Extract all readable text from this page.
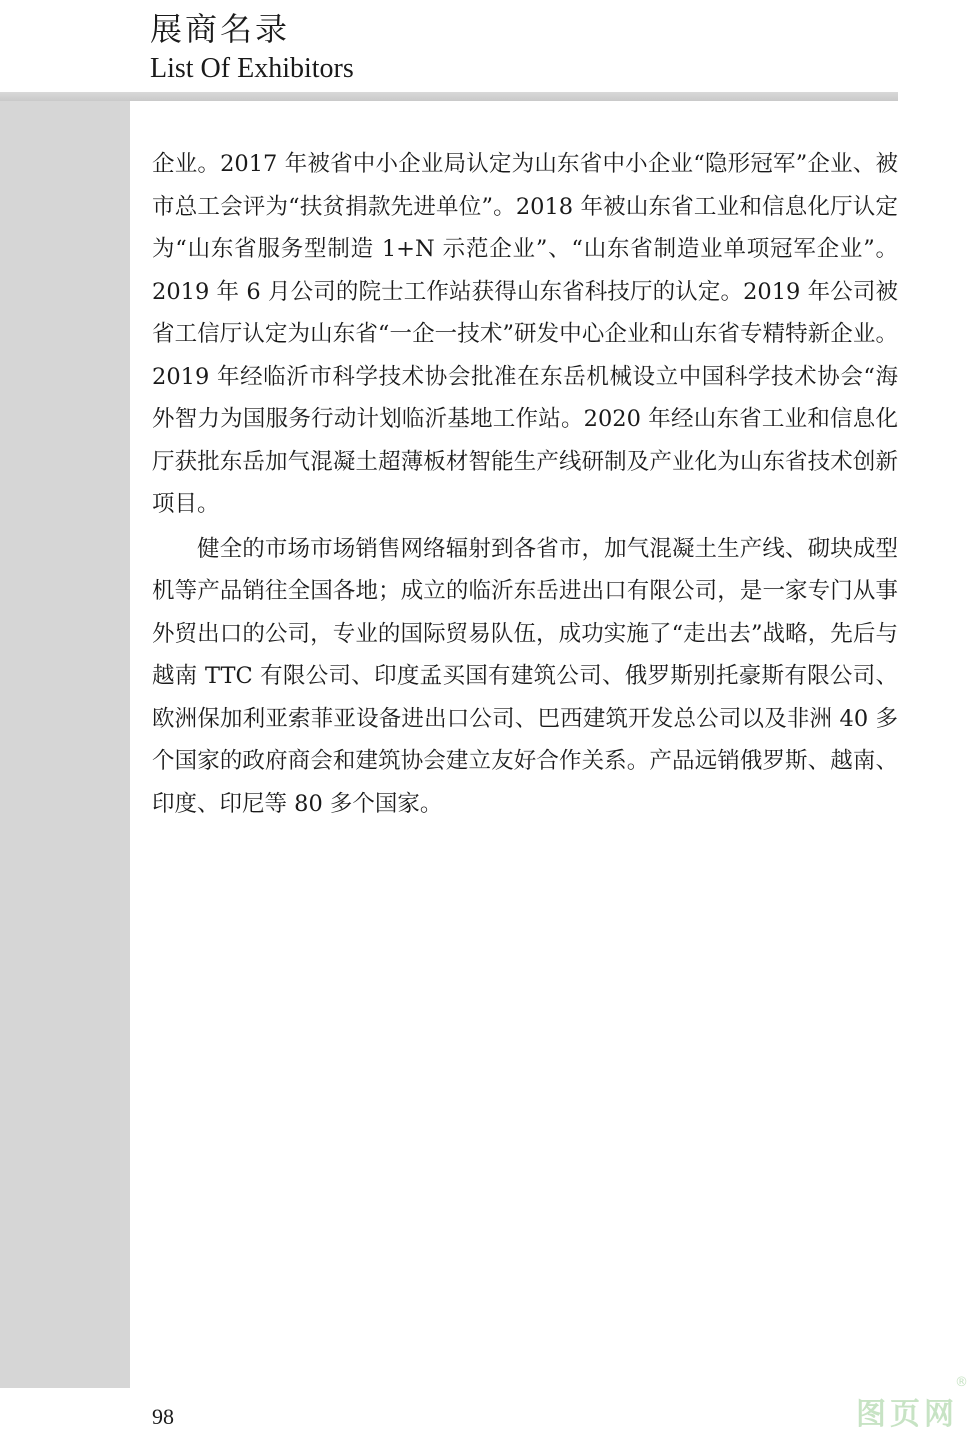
展商名录
List Of Exhibitors

企业。2017 年被省中小企业局认定为山东省中小企业“隐形冠军”企业、被市总工会评为“扶贫捐款先进单位”。2018 年被山东省工业和信息化厅认定为“山东省服务型制造 1+N 示范企业”、“山东省制造业单项冠军企业”。2019 年 6 月公司的院士工作站获得山东省科技厅的认定。2019 年公司被省工信厅认定为山东省“一企一技术”研发中心企业和山东省专精特新企业。2019 年经临沂市科学技术协会批准在东岳机械设立中国科学技术协会“海外智力为国服务行动计划临沂基地工作站。2020 年经山东省工业和信息化厅获批东岳加气混凝土超薄板材智能生产线研制及产业化为山东省技术创新项目。

健全的市场市场销售网络辐射到各省市，加气混凝土生产线、砌块成型机等产品销往全国各地；成立的临沂东岳进出口有限公司，是一家专门从事外贸出口的公司，专业的国际贸易队伍，成功实施了“走出去”战略，先后与越南 TTC 有限公司、印度孟买国有建筑公司、俄罗斯别托豪斯有限公司、欧洲保加利亚索菲亚设备进出口公司、巴西建筑开发总公司以及非洲 40 多个国家的政府商会和建筑协会建立友好合作关系。产品远销俄罗斯、越南、印度、印尼等 80 多个国家。

98	图页网
®
